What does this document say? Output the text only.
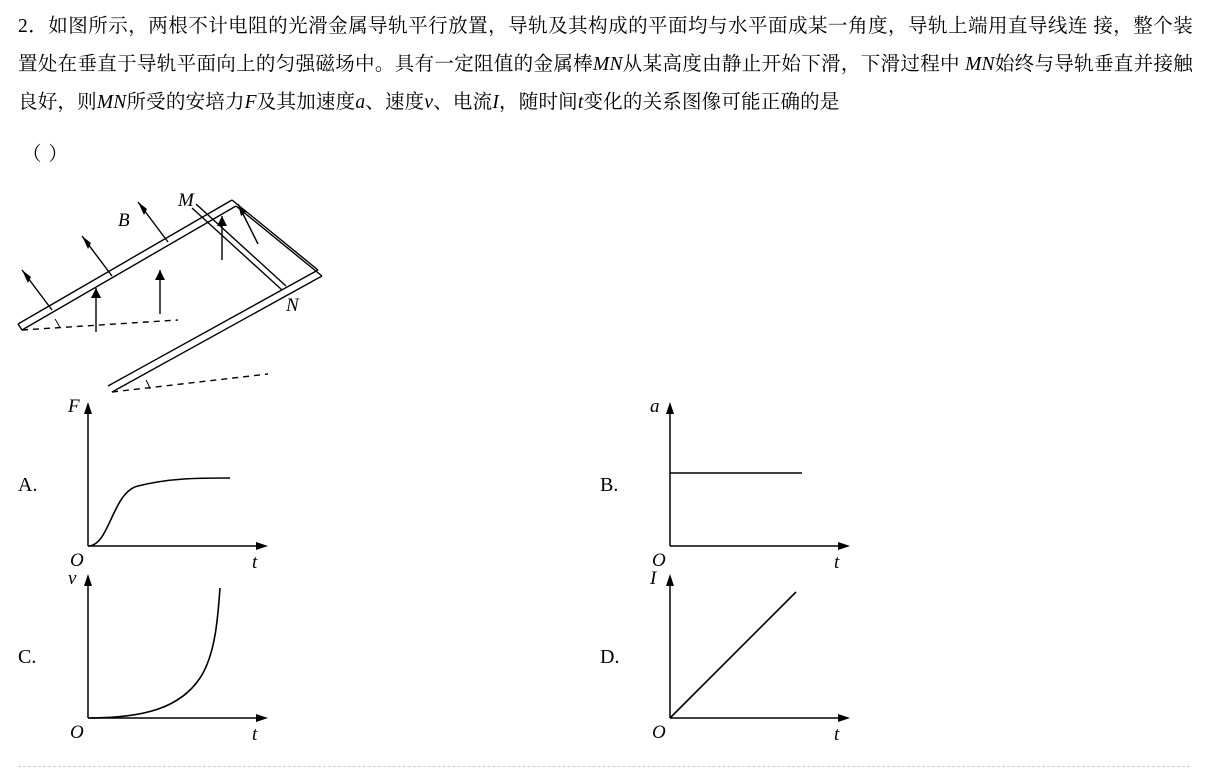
2．如图所示，两根不计电阻的光滑金属导轨平行放置，导轨及其构成的平面均与水平面成某一角度，导轨上端用直导线连 接，整个装置处在垂直于导轨平面向上的匀强磁场中。具有一定阻值的金属棒MN从某高度由静止开始下滑，下滑过程中 MN始终与导轨垂直并接触良好，则MN所受的安培力F及其加速度a、速度v、电流I，随时间t变化的关系图像可能正确的是
（ ）
B
M
N
A.
F
O	t
B.
a
O	t
C.
v
O	t
D.
I
O	t
